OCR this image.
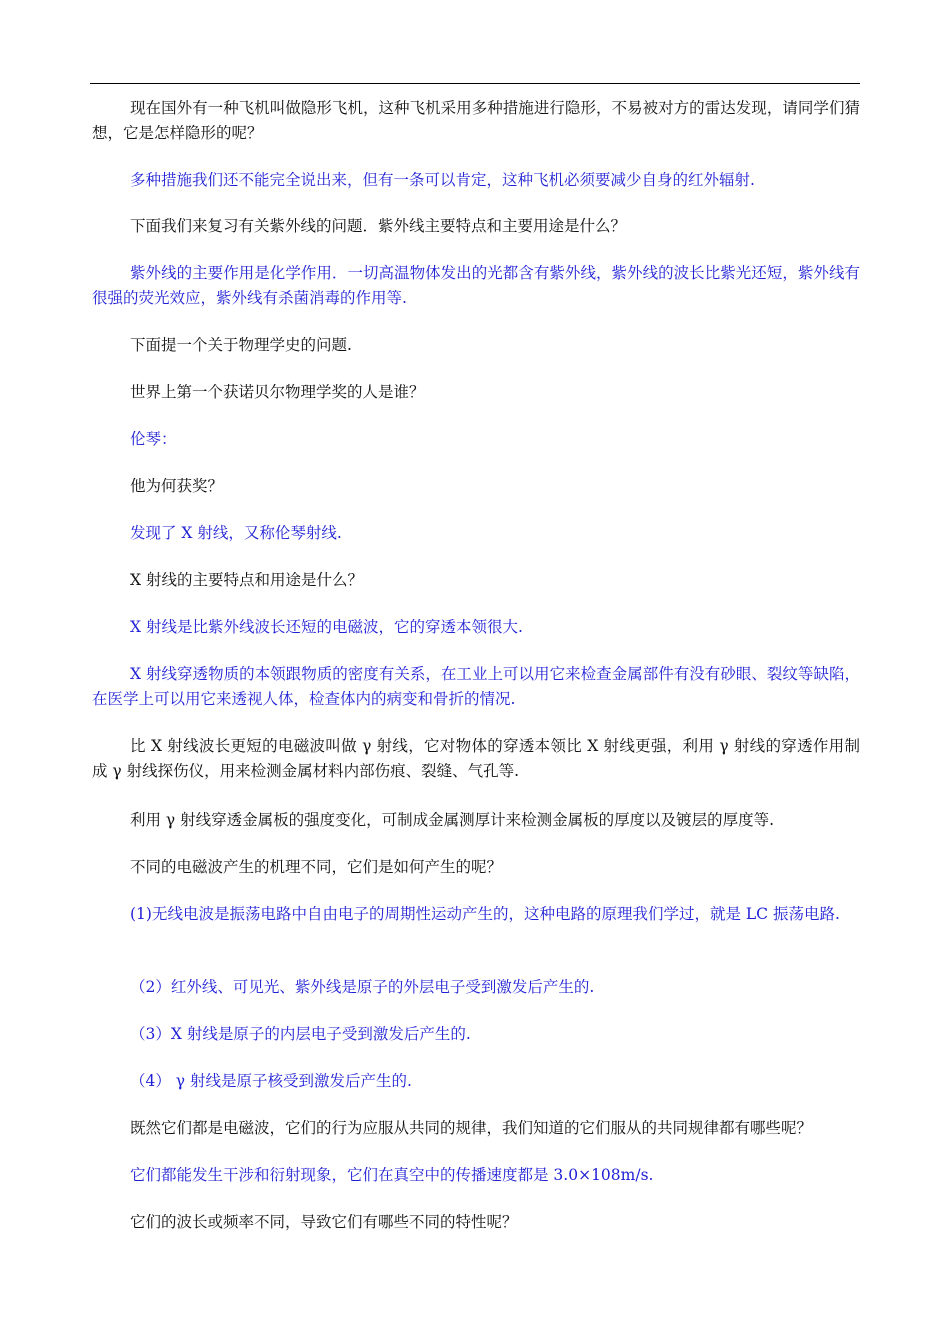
现在国外有一种飞机叫做隐形飞机，这种飞机采用多种措施进行隐形，不易被对方的雷达发现，请同学们猜想，它是怎样隐形的呢？

多种措施我们还不能完全说出来，但有一条可以肯定，这种飞机必须要减少自身的红外辐射.

下面我们来复习有关紫外线的问题．紫外线主要特点和主要用途是什么？

紫外线的主要作用是化学作用．一切高温物体发出的光都含有紫外线，紫外线的波长比紫光还短，紫外线有很强的荧光效应，紫外线有杀菌消毒的作用等.

下面提一个关于物理学史的问题.

世界上第一个获诺贝尔物理学奖的人是谁？

伦琴：

他为何获奖？

发现了 X 射线，又称伦琴射线.

X 射线的主要特点和用途是什么？

X 射线是比紫外线波长还短的电磁波，它的穿透本领很大.

X 射线穿透物质的本领跟物质的密度有关系，在工业上可以用它来检查金属部件有没有砂眼、裂纹等缺陷，在医学上可以用它来透视人体，检查体内的病变和骨折的情况.

比 X 射线波长更短的电磁波叫做 γ 射线，它对物体的穿透本领比 X 射线更强，利用 γ 射线的穿透作用制成 γ 射线探伤仪，用来检测金属材料内部伤痕、裂缝、气孔等.

利用 γ 射线穿透金属板的强度变化，可制成金属测厚计来检测金属板的厚度以及镀层的厚度等.

不同的电磁波产生的机理不同，它们是如何产生的呢？

(1)无线电波是振荡电路中自由电子的周期性运动产生的，这种电路的原理我们学过，就是 LC 振荡电路.

（2）红外线、可见光、紫外线是原子的外层电子受到激发后产生的.

（3）X 射线是原子的内层电子受到激发后产生的.

（4） γ 射线是原子核受到激发后产生的.

既然它们都是电磁波，它们的行为应服从共同的规律，我们知道的它们服从的共同规律都有哪些呢？

它们都能发生干涉和衍射现象，它们在真空中的传播速度都是 3.0×108m/s.

它们的波长或频率不同，导致它们有哪些不同的特性呢？
